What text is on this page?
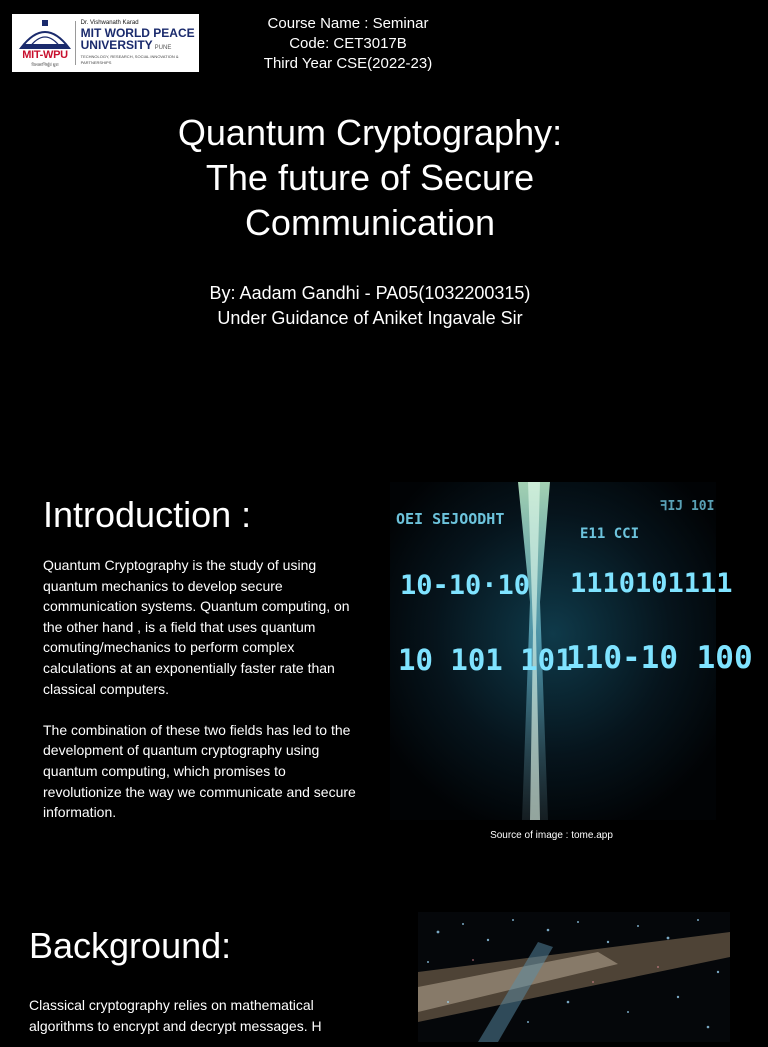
MIT-WPU
विश्वशान्तिर्ध्रुवं ध्रुवा
Dr. Vishwanath Karad
MIT WORLD PEACE
UNIVERSITY PUNE
TECHNOLOGY, RESEARCH, SOCIAL INNOVATION & PARTNERSHIPS
Course Name : Seminar
Code: CET3017B
Third Year CSE(2022-23)
Quantum Cryptography:
The future of Secure
Communication
By: Aadam Gandhi - PA05(1032200315)
Under Guidance of Aniket Ingavale Sir
Introduction :

Quantum Cryptography is the study of using quantum mechanics to develop secure communication systems. Quantum computing, on the other hand , is a field that uses quantum comuting/mechanics to perform complex calculations at an exponentially faster rate than classical computers.

The combination of these two fields has led to the development of quantum cryptography using quantum computing, which promises to revolutionize the way we communicate and secure information.

OEI SEJOODHT
E11 CCI
ꟻIJ 10I
10-10·10 1110101111
10 101 101
110-10 100
Source of image : tome.app
Background:
Classical cryptography relies on mathematical algorithms to encrypt and decrypt messages. H
